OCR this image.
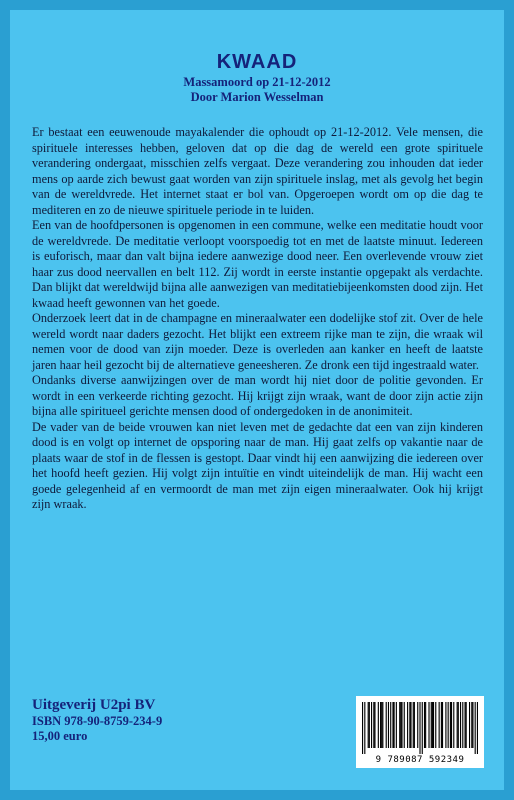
KWAAD
Massamoord op 21-12-2012
Door Marion Wesselman

Er bestaat een eeuwenoude mayakalender die ophoudt op 21-12-2012. Vele mensen, die spirituele interesses hebben, geloven dat op die dag de wereld een grote spirituele verandering ondergaat, misschien zelfs vergaat. Deze verandering zou inhouden dat ieder mens op aarde zich bewust gaat worden van zijn spirituele inslag, met als gevolg het begin van de wereldvrede. Het internet staat er bol van. Opgeroepen wordt om op die dag te mediteren en zo de nieuwe spirituele periode in te luiden.

Een van de hoofdpersonen is opgenomen in een commune, welke een meditatie houdt voor de wereldvrede. De meditatie verloopt voorspoedig tot en met de laatste minuut. Iedereen is euforisch, maar dan valt bijna iedere aanwezige dood neer. Een overlevende vrouw ziet haar zus dood neervallen en belt 112. Zij wordt in eerste instantie opgepakt als verdachte. Dan blijkt dat wereldwijd bijna alle aanwezigen van meditatiebijeenkomsten dood zijn. Het kwaad heeft gewonnen van het goede.

Onderzoek leert dat in de champagne en mineraalwater een dodelijke stof zit. Over de hele wereld wordt naar daders gezocht. Het blijkt een extreem rijke man te zijn, die wraak wil nemen voor de dood van zijn moeder. Deze is overleden aan kanker en heeft de laatste jaren haar heil gezocht bij de alternatieve geneesheren. Ze dronk een tijd ingestraald water.

Ondanks diverse aanwijzingen over de man wordt hij niet door de politie gevonden. Er wordt in een verkeerde richting gezocht. Hij krijgt zijn wraak, want de door zijn actie zijn bijna alle spiritueel gerichte mensen dood of ondergedoken in de anonimiteit.

De vader van de beide vrouwen kan niet leven met de gedachte dat een van zijn kinderen dood is en volgt op internet de opsporing naar de man. Hij gaat zelfs op vakantie naar de plaats waar de stof in de flessen is gestopt. Daar vindt hij een aanwijzing die iedereen over het hoofd heeft gezien. Hij volgt zijn intuïtie en vindt uiteindelijk de man. Hij wacht een goede gelegenheid af en vermoordt de man met zijn eigen mineraalwater. Ook hij krijgt zijn wraak.

Uitgeverij U2pi BV
ISBN 978-90-8759-234-9
15,00 euro
9 789087 592349
